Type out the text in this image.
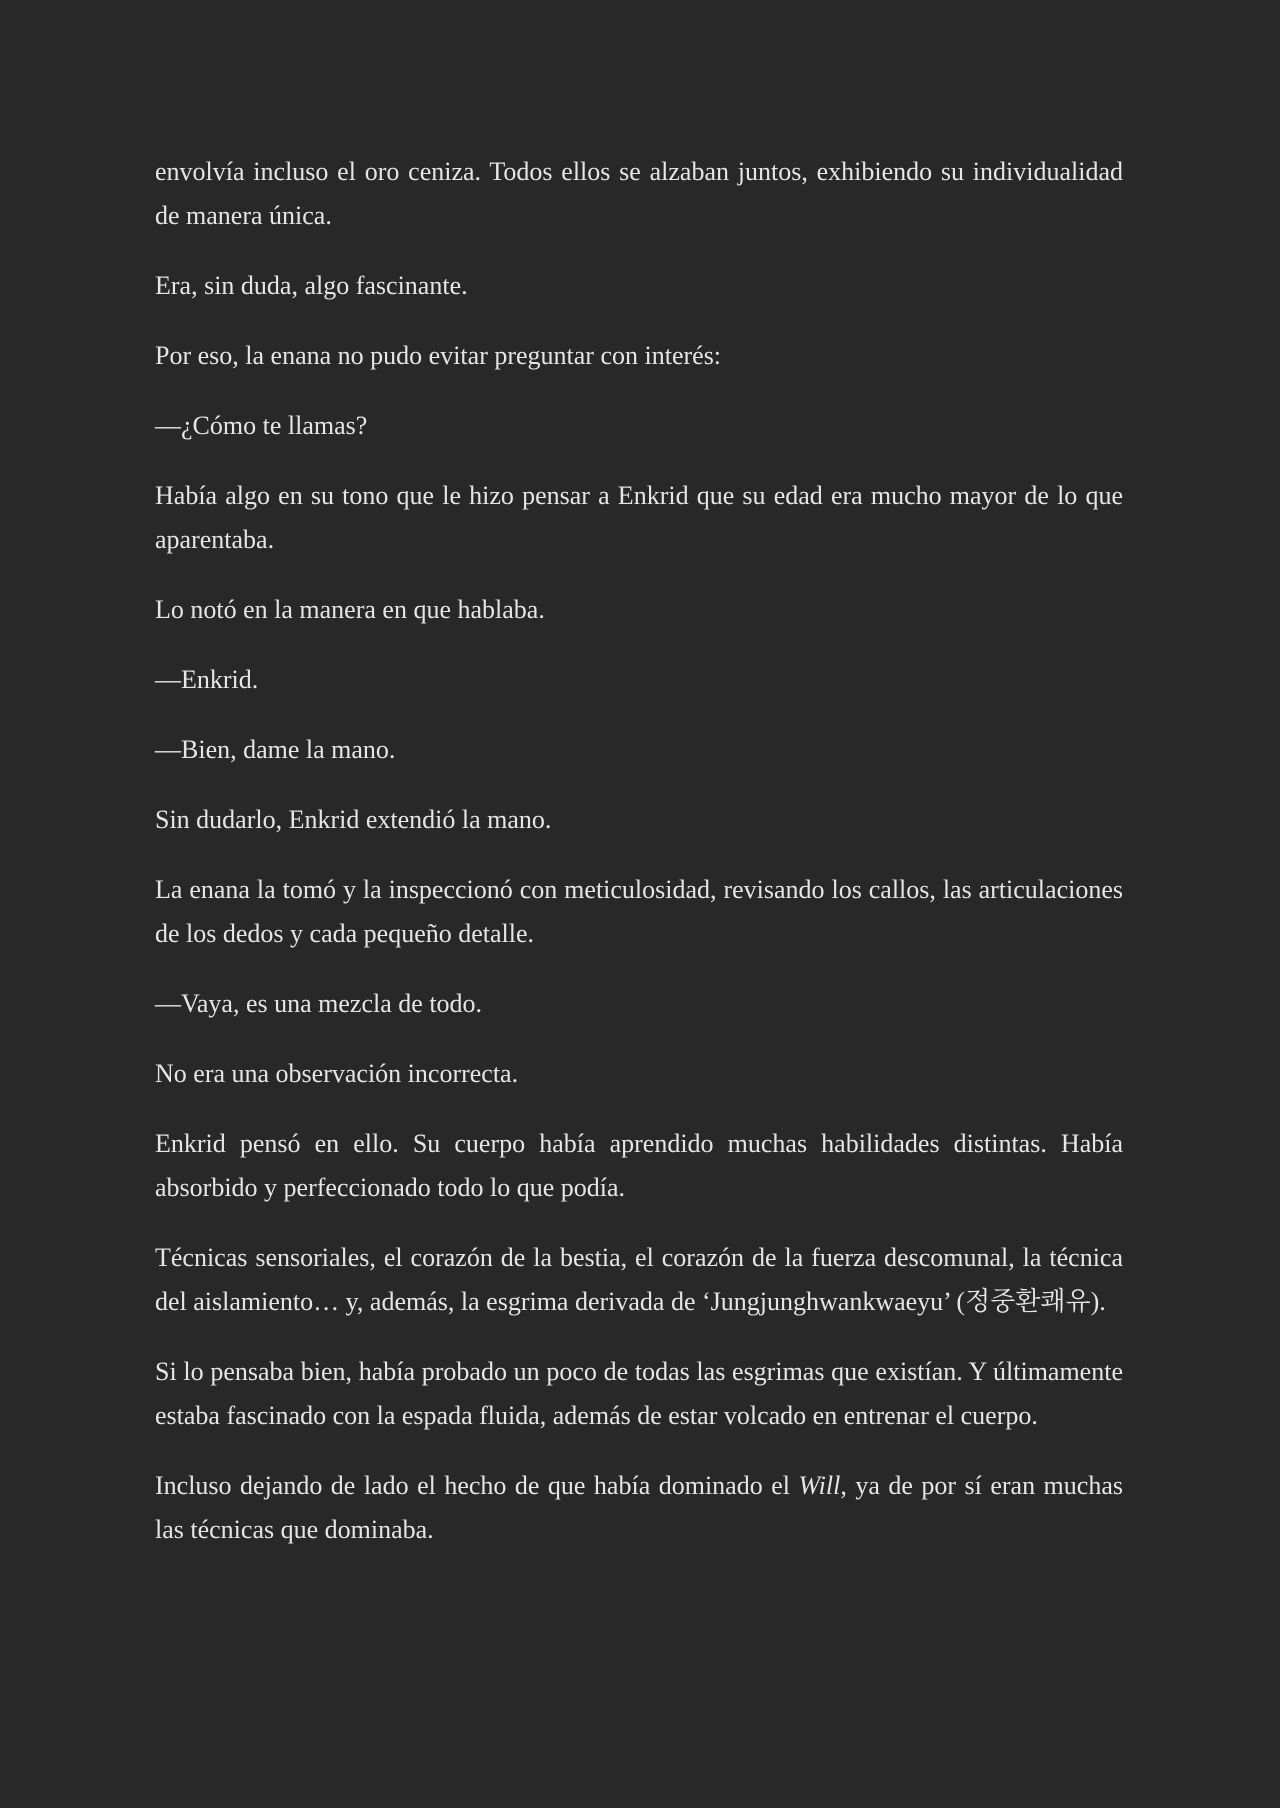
envolvía incluso el oro ceniza. Todos ellos se alzaban juntos, exhibiendo su individualidad de manera única.

Era, sin duda, algo fascinante.

Por eso, la enana no pudo evitar preguntar con interés:

—¿Cómo te llamas?

Había algo en su tono que le hizo pensar a Enkrid que su edad era mucho mayor de lo que aparentaba.

Lo notó en la manera en que hablaba.

—Enkrid.

—Bien, dame la mano.

Sin dudarlo, Enkrid extendió la mano.

La enana la tomó y la inspeccionó con meticulosidad, revisando los callos, las articulaciones de los dedos y cada pequeño detalle.

—Vaya, es una mezcla de todo.

No era una observación incorrecta.

Enkrid pensó en ello. Su cuerpo había aprendido muchas habilidades distintas. Había absorbido y perfeccionado todo lo que podía.

Técnicas sensoriales, el corazón de la bestia, el corazón de la fuerza descomunal, la técnica del aislamiento… y, además, la esgrima derivada de ‘Jungjunghwankwaeyu’ (정중환쾌유).

Si lo pensaba bien, había probado un poco de todas las esgrimas que existían. Y últimamente estaba fascinado con la espada fluida, además de estar volcado en entrenar el cuerpo.

Incluso dejando de lado el hecho de que había dominado el Will, ya de por sí eran muchas las técnicas que dominaba.
